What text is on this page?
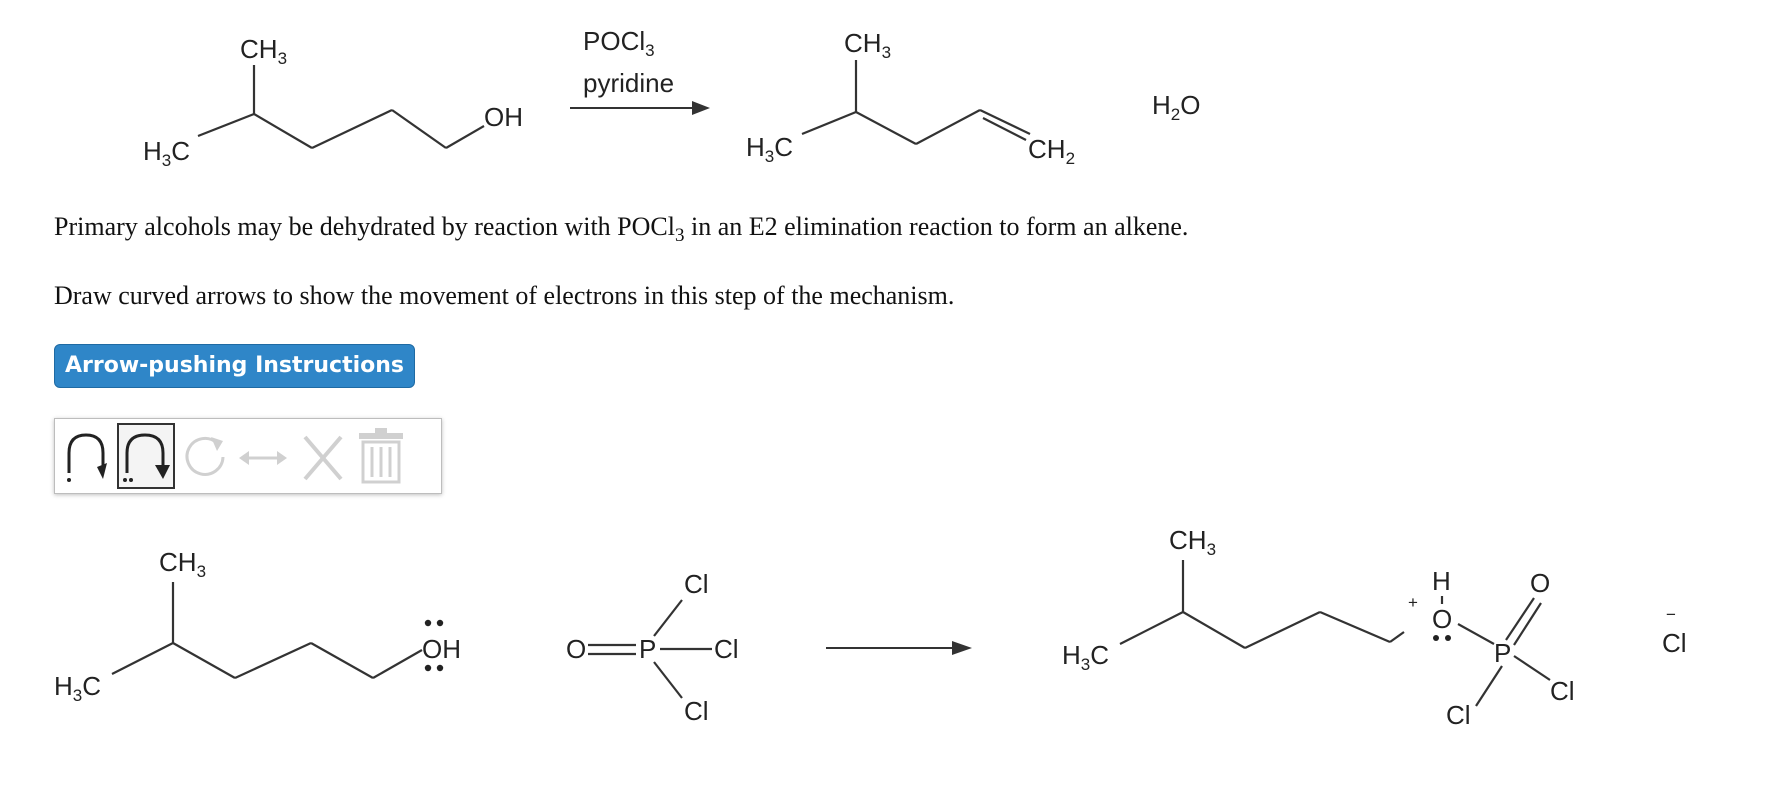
$CH_3$
$H_3C$
OH
POCl$_3$
pyridine
$CH_3$
$H_3C$	$CH_2$
$H_2O$
Primary alcohols may be dehydrated by reaction with POCl$_3$ in an E2 elimination reaction to form an alkene.
Draw curved arrows to show the movement of electrons in this step of the mechanism.
Arrow-pushing Instructions
$CH_3$
$H_3C$
OH	O P Cl
Cl
Cl
$CH_3$
$H_3C$
H
+
O
P
O
Cl
Cl
−
Cl
